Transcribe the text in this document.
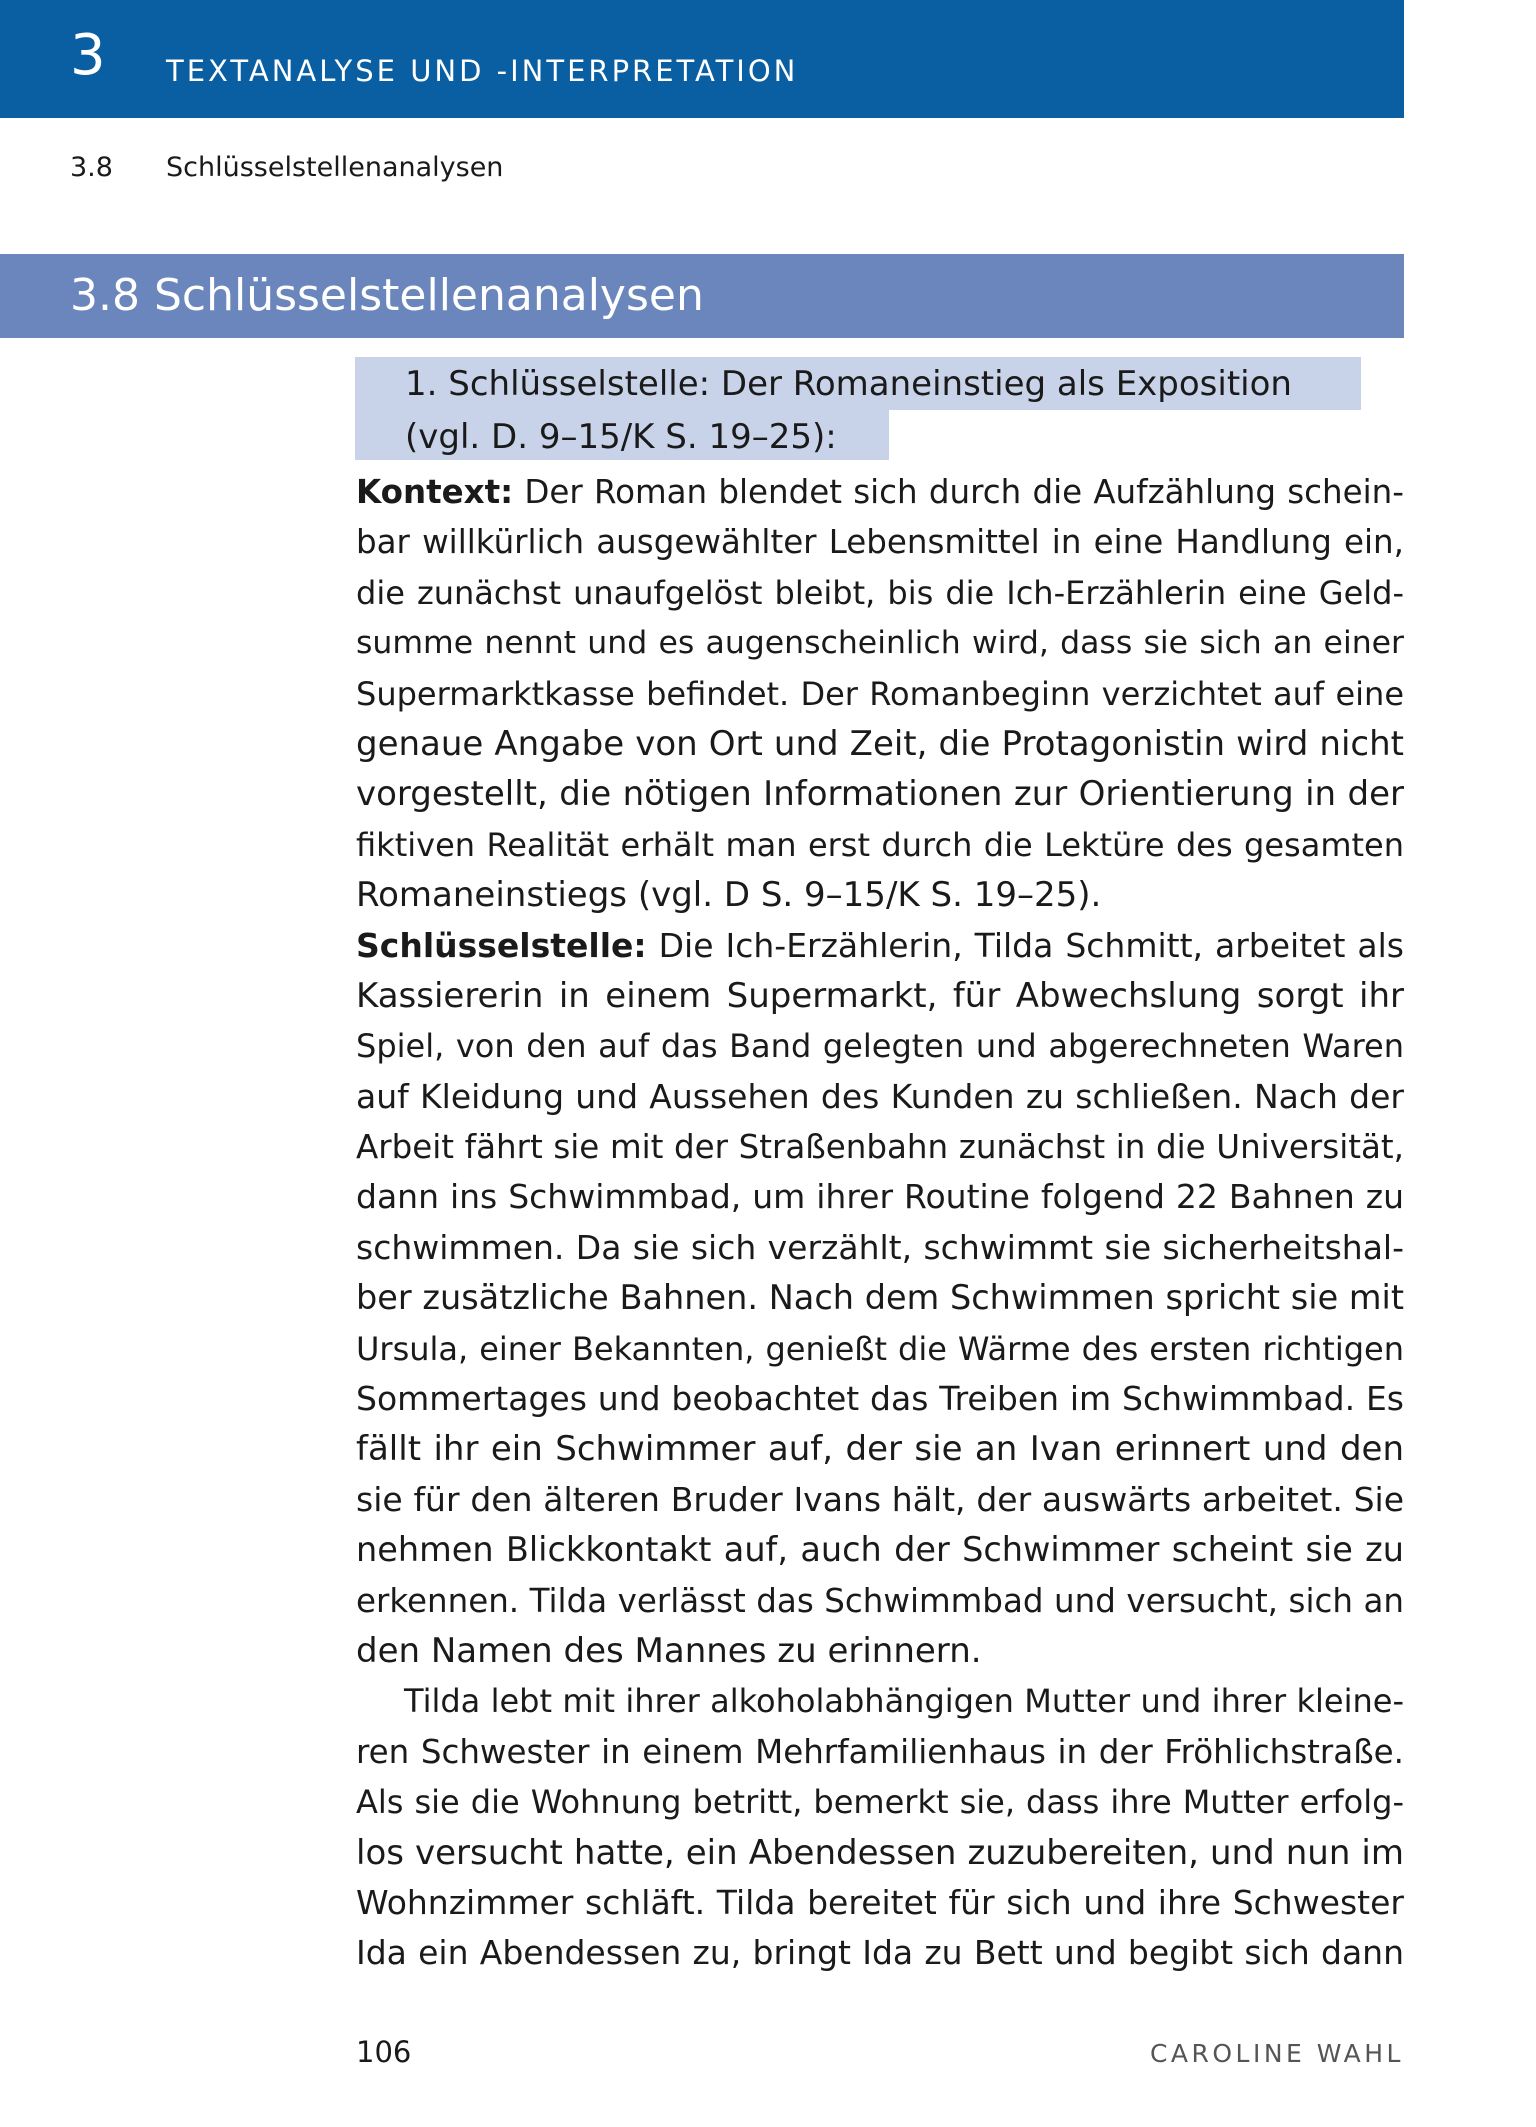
3 TEXTANALYSE UND -INTERPRETATION
3.8 Schlüsselstellenanalysen
3.8 Schlüsselstellenanalysen
1. Schlüsselstelle: Der Romaneinstieg als Exposition
(vgl. D. 9–15/K S. 19–25):
Kontext: Der Roman blendet sich durch die Aufzählung schein-
bar willkürlich ausgewählter Lebensmittel in eine Handlung ein,
die zunächst unaufgelöst bleibt, bis die Ich-Erzählerin eine Geld-
summe nennt und es augenscheinlich wird, dass sie sich an einer
Supermarktkasse befindet. Der Romanbeginn verzichtet auf eine
genaue Angabe von Ort und Zeit, die Protagonistin wird nicht
vorgestellt, die nötigen Informationen zur Orientierung in der
fiktiven Realität erhält man erst durch die Lektüre des gesamten
Romaneinstiegs (vgl. D S. 9–15/K S. 19–25).
Schlüsselstelle: Die Ich-Erzählerin, Tilda Schmitt, arbeitet als
Kassiererin in einem Supermarkt, für Abwechslung sorgt ihr
Spiel, von den auf das Band gelegten und abgerechneten Waren
auf Kleidung und Aussehen des Kunden zu schließen. Nach der
Arbeit fährt sie mit der Straßenbahn zunächst in die Universität,
dann ins Schwimmbad, um ihrer Routine folgend 22 Bahnen zu
schwimmen. Da sie sich verzählt, schwimmt sie sicherheitshal-
ber zusätzliche Bahnen. Nach dem Schwimmen spricht sie mit
Ursula, einer Bekannten, genießt die Wärme des ersten richtigen
Sommertages und beobachtet das Treiben im Schwimmbad. Es
fällt ihr ein Schwimmer auf, der sie an Ivan erinnert und den
sie für den älteren Bruder Ivans hält, der auswärts arbeitet. Sie
nehmen Blickkontakt auf, auch der Schwimmer scheint sie zu
erkennen. Tilda verlässt das Schwimmbad und versucht, sich an
den Namen des Mannes zu erinnern.
Tilda lebt mit ihrer alkoholabhängigen Mutter und ihrer kleine-
ren Schwester in einem Mehrfamilienhaus in der Fröhlichstraße.
Als sie die Wohnung betritt, bemerkt sie, dass ihre Mutter erfolg-
los versucht hatte, ein Abendessen zuzubereiten, und nun im
Wohnzimmer schläft. Tilda bereitet für sich und ihre Schwester
Ida ein Abendessen zu, bringt Ida zu Bett und begibt sich dann
106	CAROLINE WAHL
